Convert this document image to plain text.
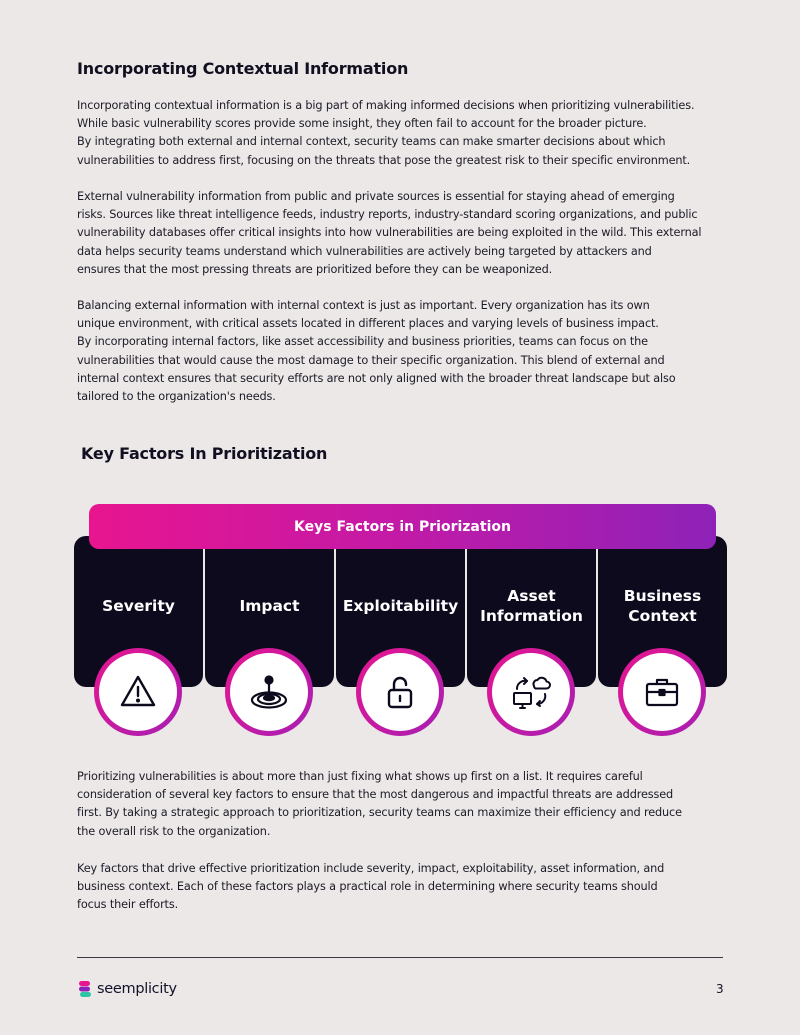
Incorporating Contextual Information
Incorporating contextual information is a big part of making informed decisions when prioritizing vulnerabilities.
While basic vulnerability scores provide some insight, they often fail to account for the broader picture.
By integrating both external and internal context, security teams can make smarter decisions about which
vulnerabilities to address first, focusing on the threats that pose the greatest risk to their specific environment.
External vulnerability information from public and private sources is essential for staying ahead of emerging
risks. Sources like threat intelligence feeds, industry reports, industry-standard scoring organizations, and public
vulnerability databases offer critical insights into how vulnerabilities are being exploited in the wild. This external
data helps security teams understand which vulnerabilities are actively being targeted by attackers and
ensures that the most pressing threats are prioritized before they can be weaponized.
Balancing external information with internal context is just as important. Every organization has its own
unique environment, with critical assets located in different places and varying levels of business impact.
By incorporating internal factors, like asset accessibility and business priorities, teams can focus on the
vulnerabilities that would cause the most damage to their specific organization. This blend of external and
internal context ensures that security efforts are not only aligned with the broader threat landscape but also
tailored to the organization's needs.
Key Factors In Prioritization
Keys Factors in Priorization
Severity	Impact	Exploitability
Asset
Information
Business
Context
Prioritizing vulnerabilities is about more than just fixing what shows up first on a list. It requires careful
consideration of several key factors to ensure that the most dangerous and impactful threats are addressed
first. By taking a strategic approach to prioritization, security teams can maximize their efficiency and reduce
the overall risk to the organization.
Key factors that drive effective prioritization include severity, impact, exploitability, asset information, and
business context. Each of these factors plays a practical role in determining where security teams should
focus their efforts.
seemplicity	3
